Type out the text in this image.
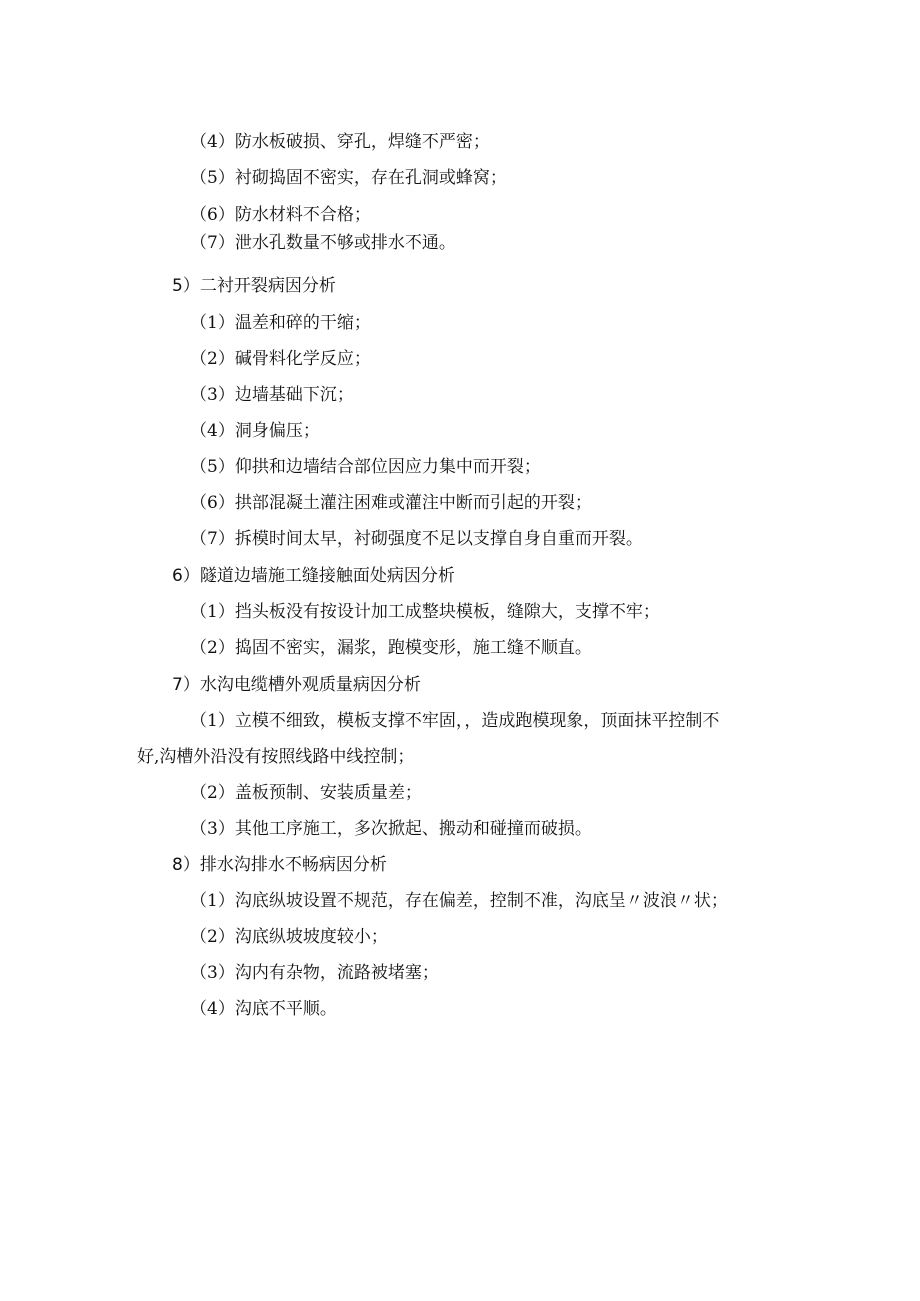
（4）防水板破损、穿孔，焊缝不严密；
（5）衬砌捣固不密实，存在孔洞或蜂窝；
（6）防水材料不合格；
（7）泄水孔数量不够或排水不通。
5）二衬开裂病因分析
（1）温差和碎的干缩；
（2）碱骨料化学反应；
（3）边墙基础下沉；
（4）洞身偏压；
（5）仰拱和边墙结合部位因应力集中而开裂；
（6）拱部混凝土灌注困难或灌注中断而引起的开裂；
（7）拆模时间太早，衬砌强度不足以支撑自身自重而开裂。
6）隧道边墙施工缝接触面处病因分析
（1）挡头板没有按设计加工成整块模板，缝隙大，支撑不牢；
（2）捣固不密实，漏浆，跑模变形，施工缝不顺直。
7）水沟电缆槽外观质量病因分析
（1）立模不细致，模板支撑不牢固，，造成跑模现象，顶面抹平控制不
好,沟槽外沿没有按照线路中线控制；
（2）盖板预制、安装质量差；
（3）其他工序施工，多次掀起、搬动和碰撞而破损。
8）排水沟排水不畅病因分析
（1）沟底纵坡设置不规范，存在偏差，控制不准，沟底呈〃波浪〃状；
（2）沟底纵坡坡度较小；
（3）沟内有杂物，流路被堵塞；
（4）沟底不平顺。
